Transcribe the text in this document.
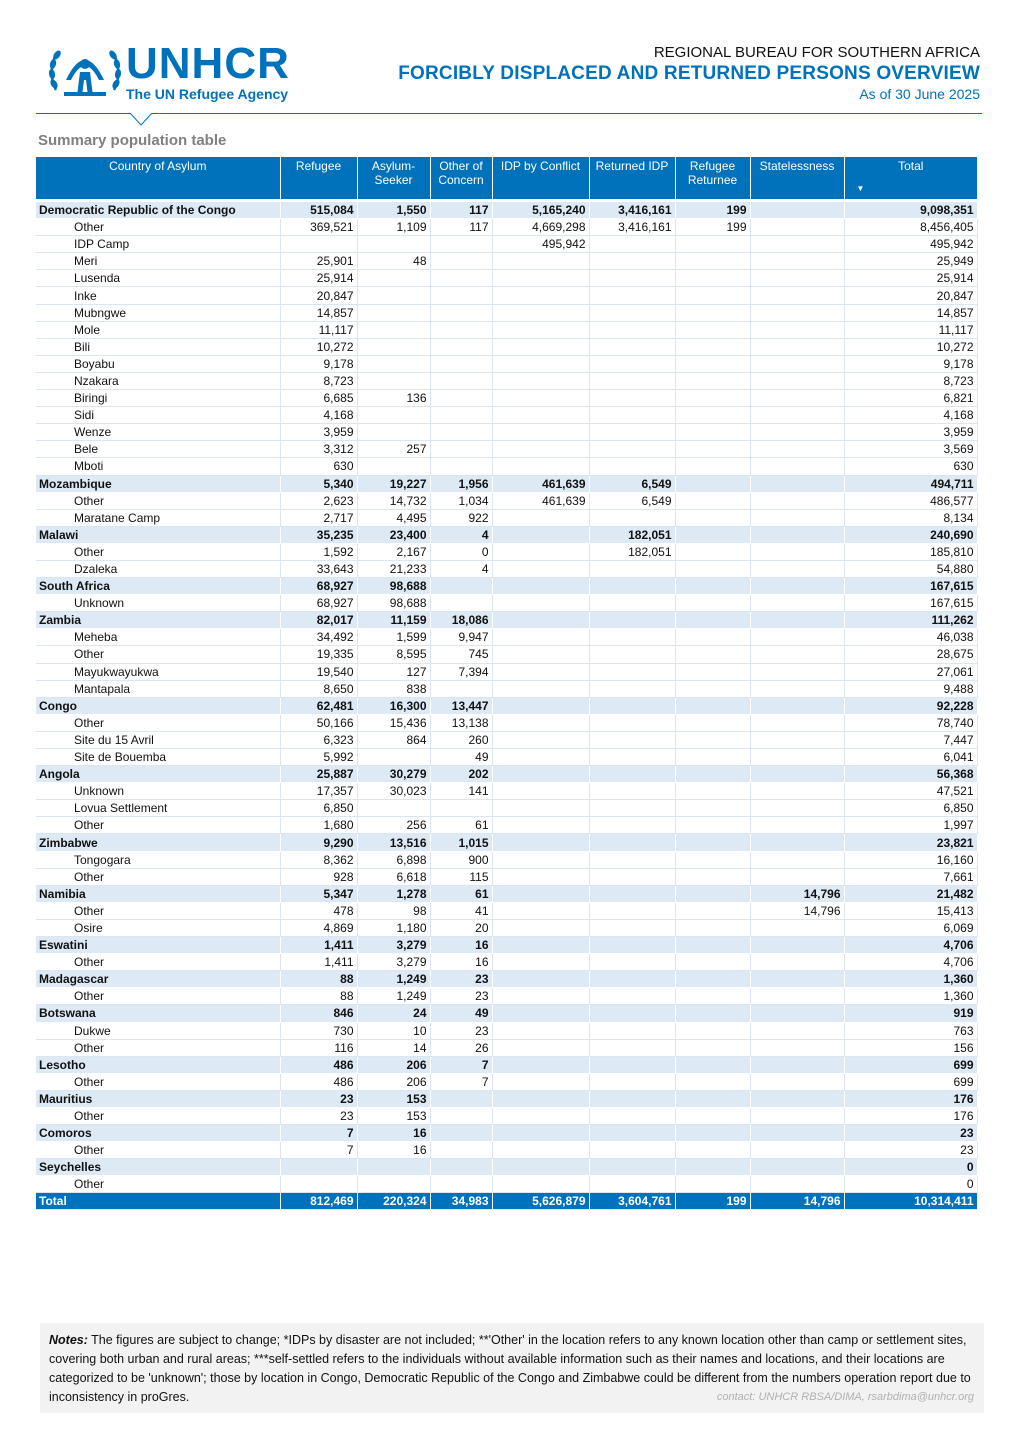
UNHCR
The UN Refugee Agency
REGIONAL BUREAU FOR SOUTHERN AFRICA
FORCIBLY DISPLACED AND RETURNED PERSONS OVERVIEW
As of 30 June 2025
Summary population table
Country of Asylum	Refugee	Asylum-Seeker	Other of Concern	IDP by Conflict	Returned IDP	Refugee Returnee	Statelessness	Total
▼

Democratic Republic of the Congo	515,084	1,550	117	5,165,240	3,416,161	199		9,098,351
Other	369,521	1,109	117	4,669,298	3,416,161	199		8,456,405
IDP Camp				495,942				495,942
Meri	25,901	48						25,949
Lusenda	25,914							25,914
Inke	20,847							20,847
Mubngwe	14,857							14,857
Mole	11,117							11,117
Bili	10,272							10,272
Boyabu	9,178							9,178
Nzakara	8,723							8,723
Biringi	6,685	136						6,821
Sidi	4,168							4,168
Wenze	3,959							3,959
Bele	3,312	257						3,569
Mboti	630							630
Mozambique	5,340	19,227	1,956	461,639	6,549			494,711
Other	2,623	14,732	1,034	461,639	6,549			486,577
Maratane Camp	2,717	4,495	922					8,134
Malawi	35,235	23,400	4		182,051			240,690
Other	1,592	2,167	0		182,051			185,810
Dzaleka	33,643	21,233	4					54,880
South Africa	68,927	98,688						167,615
Unknown	68,927	98,688						167,615
Zambia	82,017	11,159	18,086					111,262
Meheba	34,492	1,599	9,947					46,038
Other	19,335	8,595	745					28,675
Mayukwayukwa	19,540	127	7,394					27,061
Mantapala	8,650	838						9,488
Congo	62,481	16,300	13,447					92,228
Other	50,166	15,436	13,138					78,740
Site du 15 Avril	6,323	864	260					7,447
Site de Bouemba	5,992		49					6,041
Angola	25,887	30,279	202					56,368
Unknown	17,357	30,023	141					47,521
Lovua Settlement	6,850							6,850
Other	1,680	256	61					1,997
Zimbabwe	9,290	13,516	1,015					23,821
Tongogara	8,362	6,898	900					16,160
Other	928	6,618	115					7,661
Namibia	5,347	1,278	61				14,796	21,482
Other	478	98	41				14,796	15,413
Osire	4,869	1,180	20					6,069
Eswatini	1,411	3,279	16					4,706
Other	1,411	3,279	16					4,706
Madagascar	88	1,249	23					1,360
Other	88	1,249	23					1,360
Botswana	846	24	49					919
Dukwe	730	10	23					763
Other	116	14	26					156
Lesotho	486	206	7					699
Other	486	206	7					699
Mauritius	23	153						176
Other	23	153						176
Comoros	7	16						23
Other	7	16						23
Seychelles								0
Other								0
Total	812,469	220,324	34,983	5,626,879	3,604,761	199	14,796	10,314,411
Notes: The figures are subject to change; *IDPs by disaster are not included; **'Other' in the location refers to any known location other than camp or settlement sites, covering both urban and rural areas; ***self-settled refers to the individuals without available information such as their names and locations, and their locations are categorized to be 'unknown'; those by location in Congo, Democratic Republic of the Congo and Zimbabwe could be different from the numbers operation report due to inconsistency in proGres.	contact: UNHCR RBSA/DIMA, rsarbdima@unhcr.org
